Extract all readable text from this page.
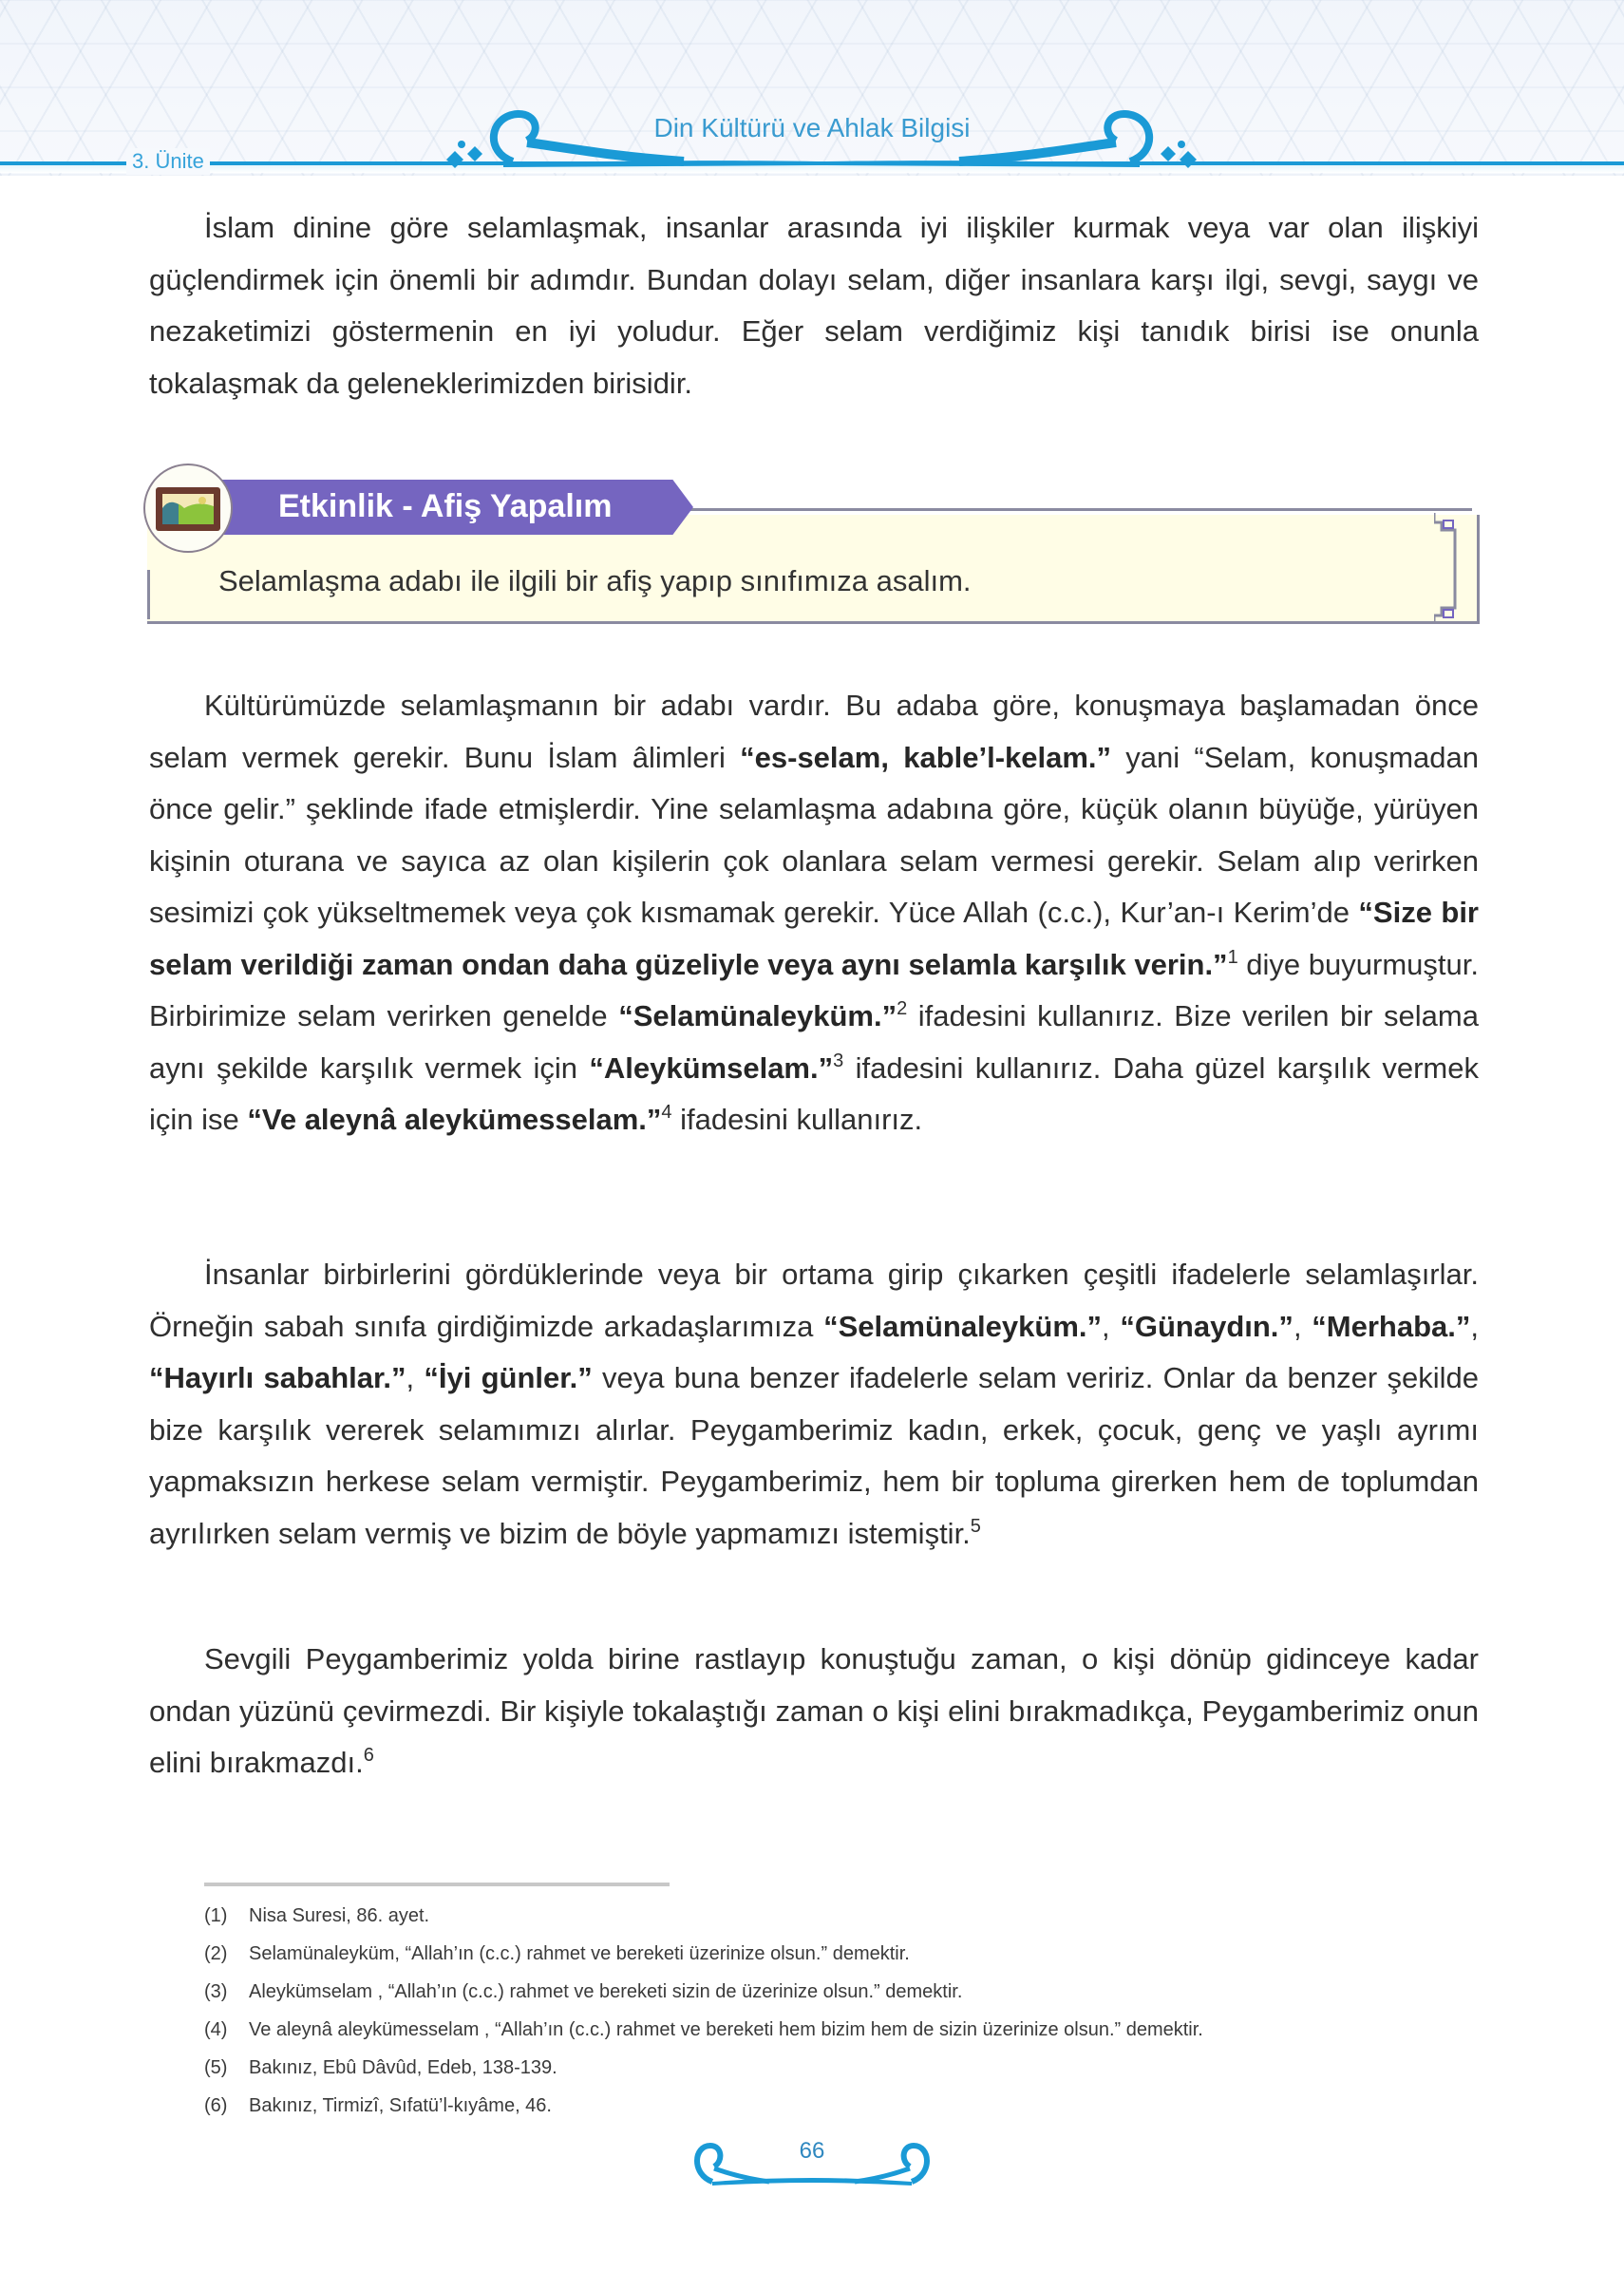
Din Kültürü ve Ahlak Bilgisi
3. Ünite
İslam dinine göre selamlaşmak, insanlar arasında iyi ilişkiler kurmak veya var olan ilişkiyi güçlendirmek için önemli bir adımdır. Bundan dolayı selam, diğer insanlara karşı ilgi, sevgi, saygı ve nezaketimizi göstermenin en iyi yoludur. Eğer selam verdiğimiz kişi tanıdık birisi ise onunla tokalaşmak da geleneklerimizden birisidir.
Etkinlik - Afiş Yapalım
Selamlaşma adabı ile ilgili bir afiş yapıp sınıfımıza asalım.
Kültürümüzde selamlaşmanın bir adabı vardır. Bu adaba göre, konuşmaya başlamadan önce selam vermek gerekir. Bunu İslam âlimleri “es-selam, kable’l-kelam.” yani “Selam, konuşmadan önce gelir.” şeklinde ifade etmişlerdir. Yine selamlaşma adabına göre, küçük olanın büyüğe, yürüyen kişinin oturana ve sayıca az olan kişilerin çok olanlara selam vermesi gerekir. Selam alıp verirken sesimizi çok yükseltmemek veya çok kısmamak gerekir. Yüce Allah (c.c.), Kur’an-ı Kerim’de “Size bir selam verildiği zaman ondan daha güzeliyle veya aynı selamla karşılık verin.”$^1$ diye buyurmuştur. Birbirimize selam verirken genelde “Selamünaleyküm.”$^2$ ifadesini kullanırız. Bize verilen bir selama aynı şekilde karşılık vermek için “Aleykümselam.”$^3$ ifadesini kullanırız. Daha güzel karşılık vermek için ise “Ve aleynâ aleykümesselam.”$^4$ ifadesini kullanırız.
İnsanlar birbirlerini gördüklerinde veya bir ortama girip çıkarken çeşitli ifadelerle selamlaşırlar. Örneğin sabah sınıfa girdiğimizde arkadaşlarımıza “Selamünaleyküm.”, “Günaydın.”, “Merhaba.”, “Hayırlı sabahlar.”, “İyi günler.” veya buna benzer ifadelerle selam veririz. Onlar da benzer şekilde bize karşılık vererek selamımızı alırlar. Peygamberimiz kadın, erkek, çocuk, genç ve yaşlı ayrımı yapmaksızın herkese selam vermiştir. Peygamberimiz, hem bir topluma girerken hem de toplumdan ayrılırken selam vermiş ve bizim de böyle yapmamızı istemiştir.$^5$
Sevgili Peygamberimiz yolda birine rastlayıp konuştuğu zaman, o kişi dönüp gidinceye kadar ondan yüzünü çevirmezdi. Bir kişiyle tokalaştığı zaman o kişi elini bırakmadıkça, Peygamberimiz onun elini bırakmazdı.$^6$
(1)	Nisa Suresi, 86. ayet.
(2)	Selamünaleyküm, “Allah’ın (c.c.) rahmet ve bereketi üzerinize olsun.” demektir.
(3)	Aleykümselam , “Allah’ın (c.c.) rahmet ve bereketi sizin de üzerinize olsun.” demektir.
(4)	Ve aleynâ aleykümesselam , “Allah’ın (c.c.) rahmet ve bereketi hem bizim hem de sizin üzerinize olsun.” demektir.
(5)	Bakınız, Ebû Dâvûd, Edeb, 138-139.
(6)	Bakınız, Tirmizî, Sıfatü’l-kıyâme, 46.
66
